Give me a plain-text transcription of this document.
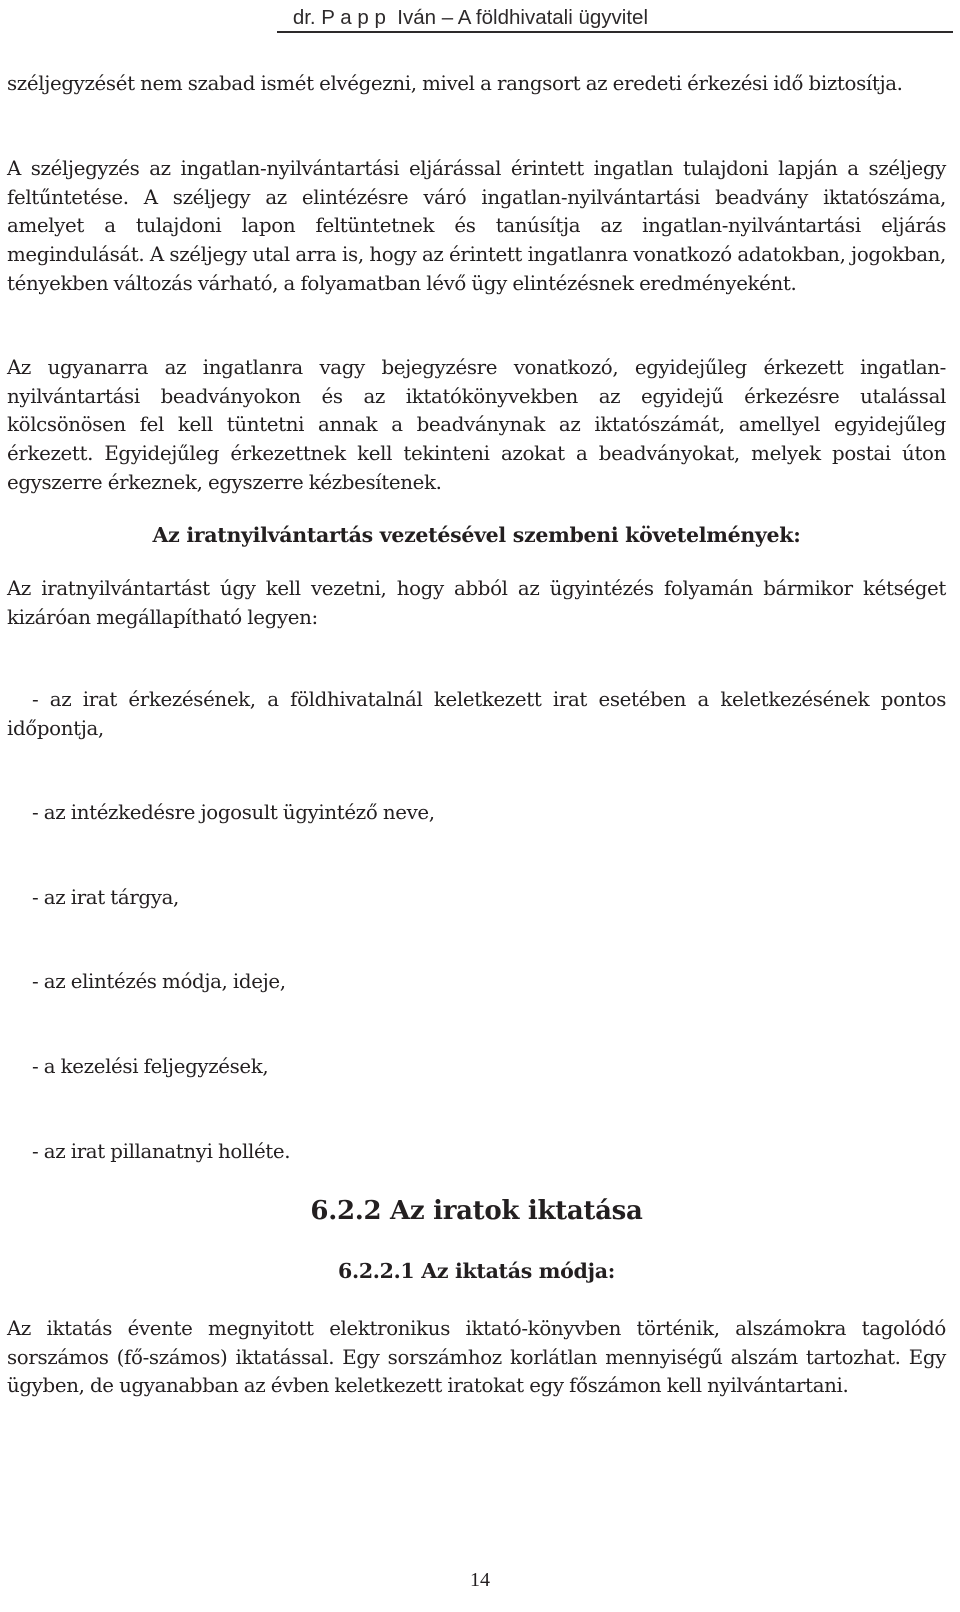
dr. P a p p  Iván – A földhivatali ügyvitel

széljegyzését nem szabad ismét elvégezni, mivel a rangsort az eredeti érkezési idő biztosítja.

A széljegyzés az ingatlan-nyilvántartási eljárással érintett ingatlan tulajdoni lapján a széljegy feltűntetése. A széljegy az elintézésre váró ingatlan-nyilvántartási beadvány iktatószáma, amelyet a tulajdoni lapon feltüntetnek és tanúsítja az ingatlan-nyilvántartási eljárás megindulását. A széljegy utal arra is, hogy az érintett ingatlanra vonatkozó adatokban, jogokban, tényekben változás várható, a folyamatban lévő ügy elintézésnek eredményeként.

Az ugyanarra az ingatlanra vagy bejegyzésre vonatkozó, egyidejűleg érkezett ingatlan-nyilvántartási beadványokon és az iktatókönyvekben az egyidejű érkezésre utalással kölcsönösen fel kell tüntetni annak a beadványnak az iktatószámát, amellyel egyidejűleg érkezett. Egyidejűleg érkezettnek kell tekinteni azokat a beadványokat, melyek postai úton egyszerre érkeznek, egyszerre kézbesítenek.

Az iratnyilvántartás vezetésével szembeni követelmények:

Az iratnyilvántartást úgy kell vezetni, hogy abból az ügyintézés folyamán bármikor kétséget kizáróan megállapítható legyen:

- az irat érkezésének, a földhivatalnál keletkezett irat esetében a keletkezésének pontos időpontja,

- az intézkedésre jogosult ügyintéző neve,

- az irat tárgya,

- az elintézés módja, ideje,

- a kezelési feljegyzések,

- az irat pillanatnyi holléte.

6.2.2 Az iratok iktatása
6.2.2.1 Az iktatás módja:

Az iktatás évente megnyitott elektronikus iktató-könyvben történik, alszámokra tagolódó sorszámos (fő-számos) iktatással. Egy sorszámhoz korlátlan mennyiségű alszám tartozhat. Egy ügyben, de ugyanabban az évben keletkezett iratokat egy főszámon kell nyilvántartani.

14
